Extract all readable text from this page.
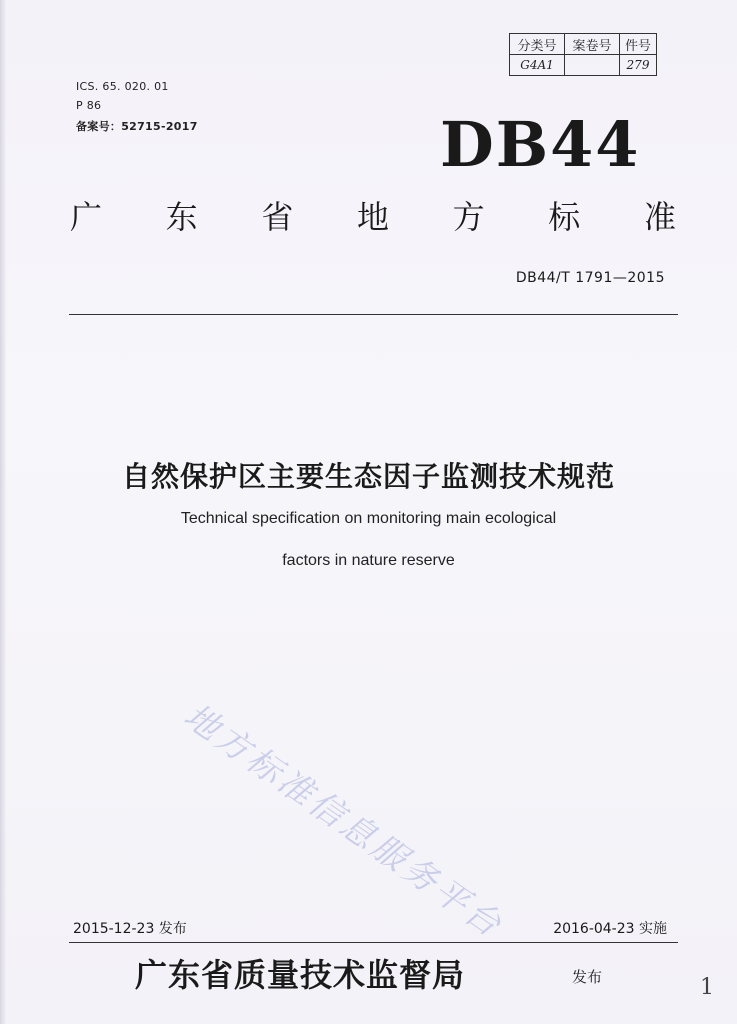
分类号	案卷号	件号
G4A1		279
ICS. 65. 020. 01
P 86
备案号：52715-2017	DB44
广 东 省 地 方 标 准
DB44/T 1791—2015
自然保护区主要生态因子监测技术规范
Technical specification on monitoring main ecological
factors in nature reserve
地方标准信息服务平台
2015-12-23 发布	2016-04-23 实施
广东省质量技术监督局	发布	1
